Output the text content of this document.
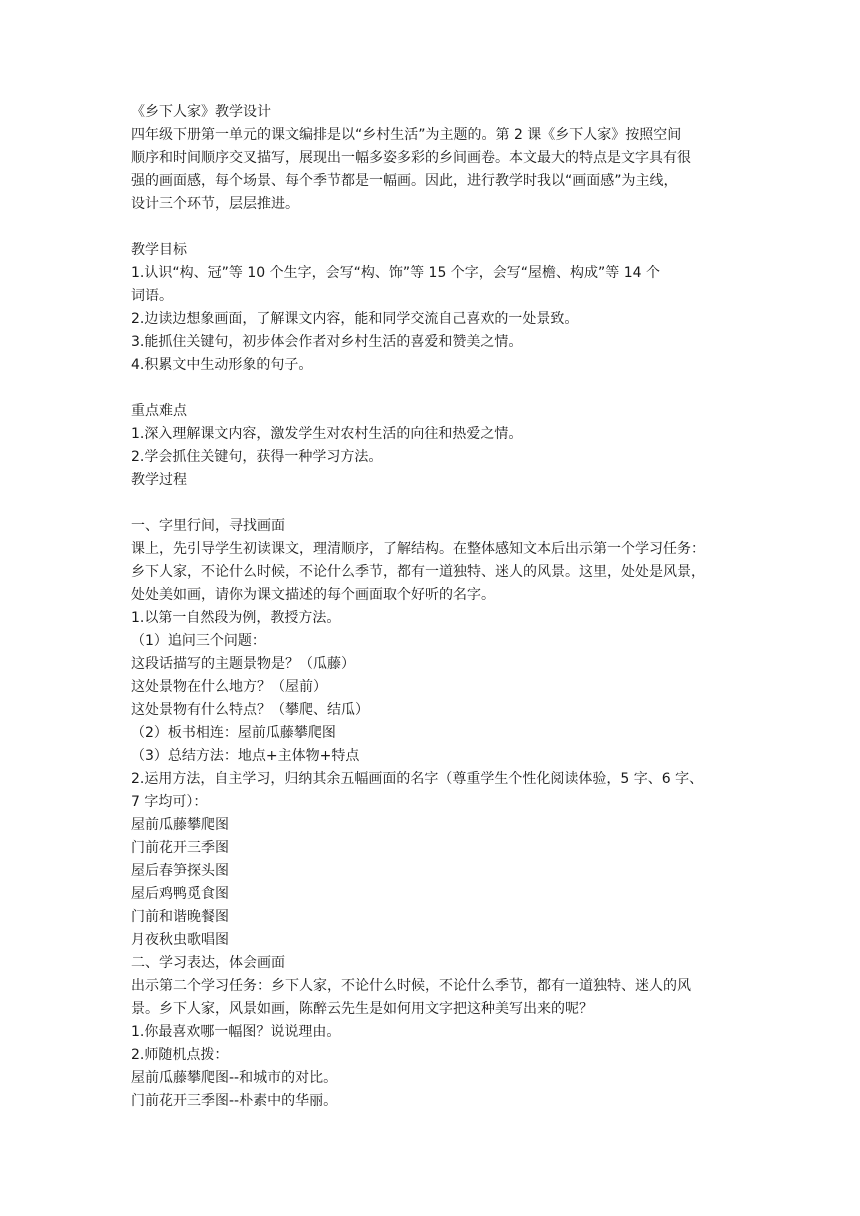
《乡下人家》教学设计
四年级下册第一单元的课文编排是以“乡村生活”为主题的。第 2 课《乡下人家》按照空间
顺序和时间顺序交叉描写，展现出一幅多姿多彩的乡间画卷。本文最大的特点是文字具有很
强的画面感，每个场景、每个季节都是一幅画。因此，进行教学时我以“画面感”为主线，
设计三个环节，层层推进。
教学目标
1.认识“构、冠”等 10 个生字，会写“构、饰”等 15 个字，会写“屋檐、构成”等 14 个
词语。
2.边读边想象画面，了解课文内容，能和同学交流自己喜欢的一处景致。
3.能抓住关键句，初步体会作者对乡村生活的喜爱和赞美之情。
4.积累文中生动形象的句子。
重点难点
1.深入理解课文内容，激发学生对农村生活的向往和热爱之情。
2.学会抓住关键句，获得一种学习方法。
教学过程
一、字里行间，寻找画面
课上，先引导学生初读课文，理清顺序，了解结构。在整体感知文本后出示第一个学习任务：
乡下人家，不论什么时候，不论什么季节，都有一道独特、迷人的风景。这里，处处是风景，
处处美如画，请你为课文描述的每个画面取个好听的名字。
1.以第一自然段为例，教授方法。
（1）追问三个问题：
这段话描写的主题景物是？（瓜藤）
这处景物在什么地方？（屋前）
这处景物有什么特点？（攀爬、结瓜）
（2）板书相连：屋前瓜藤攀爬图
（3）总结方法：地点+主体物+特点
2.运用方法，自主学习，归纳其余五幅画面的名字（尊重学生个性化阅读体验，5 字、6 字、
7 字均可）：
屋前瓜藤攀爬图
门前花开三季图
屋后春笋探头图
屋后鸡鸭觅食图
门前和谐晚餐图
月夜秋虫歌唱图
二、学习表达，体会画面
出示第二个学习任务：乡下人家，不论什么时候，不论什么季节，都有一道独特、迷人的风
景。乡下人家，风景如画，陈醉云先生是如何用文字把这种美写出来的呢？
1.你最喜欢哪一幅图？说说理由。
2.师随机点拨：
屋前瓜藤攀爬图--和城市的对比。
门前花开三季图--朴素中的华丽。
